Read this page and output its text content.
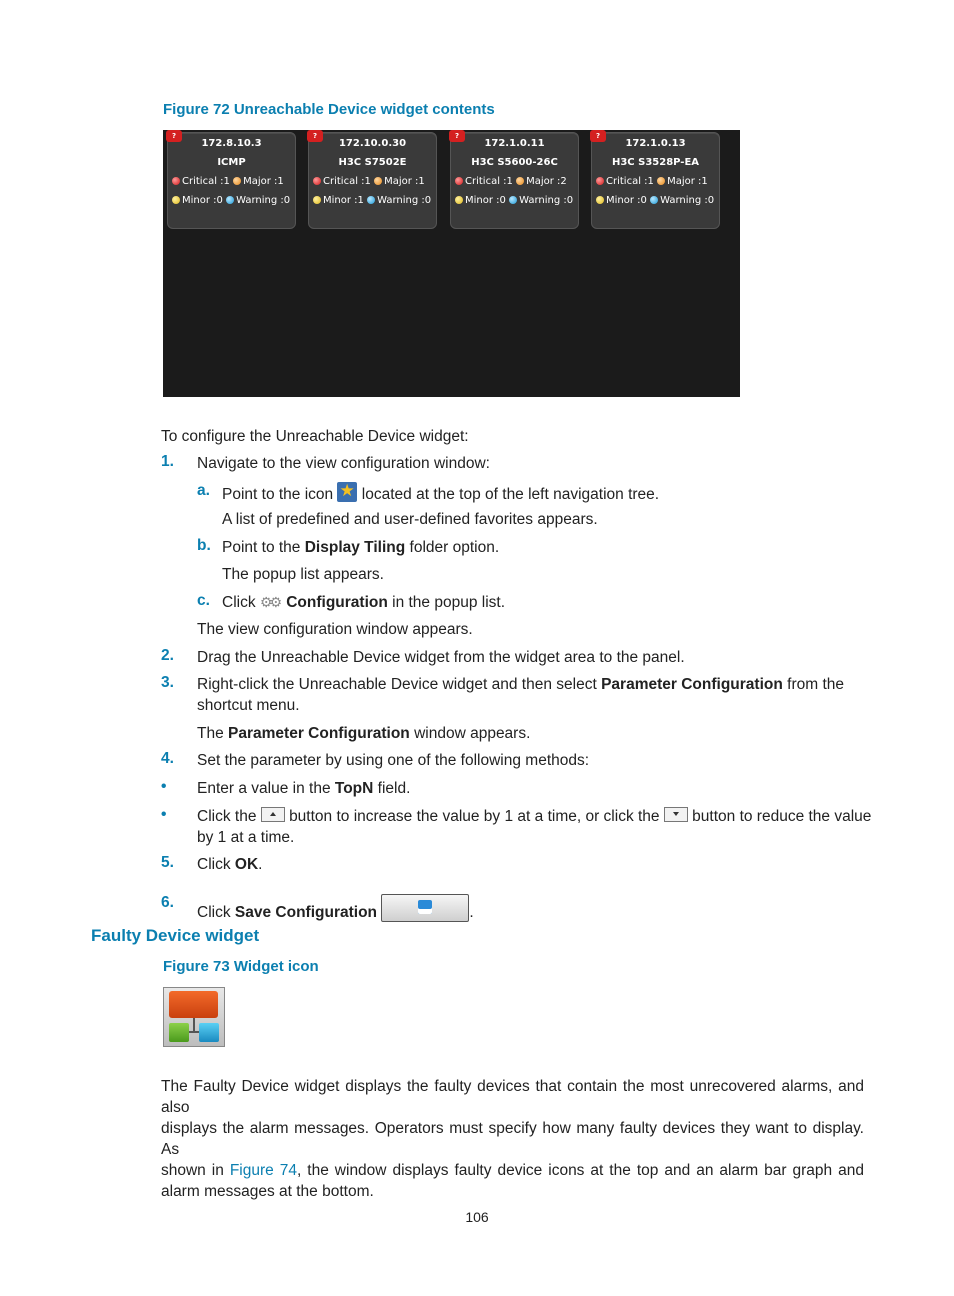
Figure 72 Unreachable Device widget contents
?
172.8.10.3
ICMP
Critical :1 Major :1
Minor :0 Warning :0
?
172.10.0.30
H3C S7502E
Critical :1 Major :1
Minor :1 Warning :0
?
172.1.0.11
H3C S5600-26C
Critical :1 Major :2
Minor :0 Warning :0
?
172.1.0.13
H3C S3528P-EA
Critical :1 Major :1
Minor :0 Warning :0
To configure the Unreachable Device widget:
1. Navigate to the view configuration window:
a. Point to the icon ★ located at the top of the left navigation tree.
A list of predefined and user-defined favorites appears.
b. Point to the Display Tiling folder option.
The popup list appears.
c. Click ⚙⚙ Configuration in the popup list.
The view configuration window appears.
2. Drag the Unreachable Device widget from the widget area to the panel.
3. Right-click the Unreachable Device widget and then select Parameter Configuration from the
shortcut menu.
The Parameter Configuration window appears.
4. Set the parameter by using one of the following methods:
• Enter a value in the TopN field.
• Click the button to increase the value by 1 at a time, or click the button to reduce the value
by 1 at a time.
5. Click OK.
6.
Click Save Configuration	.
Faulty Device widget
Figure 73 Widget icon
The Faulty Device widget displays the faulty devices that contain the most unrecovered alarms, and also
displays the alarm messages. Operators must specify how many faulty devices they want to display. As
shown in Figure 74, the window displays faulty device icons at the top and an alarm bar graph and
alarm messages at the bottom.
106
